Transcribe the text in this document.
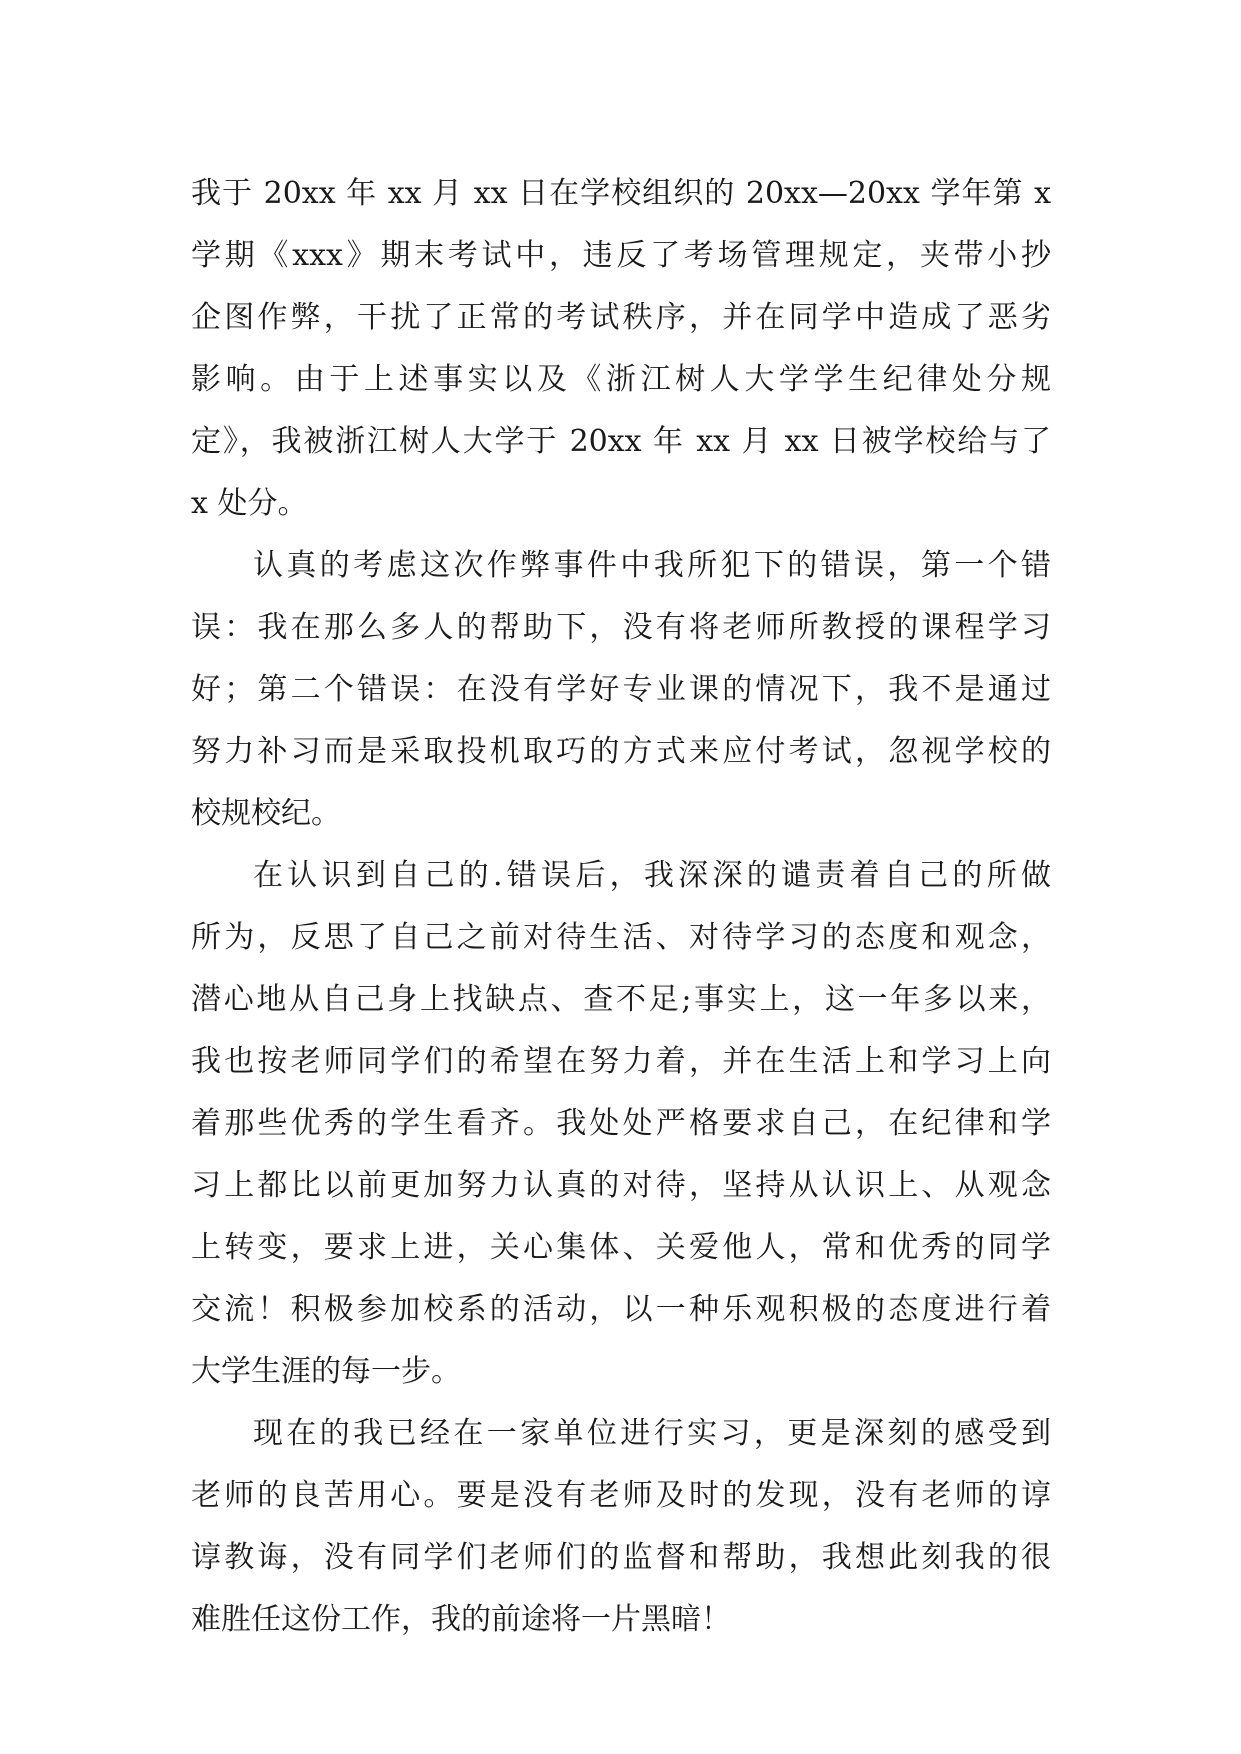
我于 20xx 年 xx 月 xx 日在学校组织的 20xx—20xx 学年第 x
学期《xxx》期末考试中，违反了考场管理规定，夹带小抄
企图作弊，干扰了正常的考试秩序，并在同学中造成了恶劣
影响。由于上述事实以及《浙江树人大学学生纪律处分规
定》，我被浙江树人大学于 20xx 年 xx 月 xx 日被学校给与了
x 处分。
认真的考虑这次作弊事件中我所犯下的错误，第一个错
误：我在那么多人的帮助下，没有将老师所教授的课程学习
好；第二个错误：在没有学好专业课的情况下，我不是通过
努力补习而是采取投机取巧的方式来应付考试，忽视学校的
校规校纪。
在认识到自己的.错误后，我深深的谴责着自己的所做
所为，反思了自己之前对待生活、对待学习的态度和观念，
潜心地从自己身上找缺点、查不足;事实上，这一年多以来，
我也按老师同学们的希望在努力着，并在生活上和学习上向
着那些优秀的学生看齐。我处处严格要求自己，在纪律和学
习上都比以前更加努力认真的对待，坚持从认识上、从观念
上转变，要求上进，关心集体、关爱他人，常和优秀的同学
交流！积极参加校系的活动，以一种乐观积极的态度进行着
大学生涯的每一步。
现在的我已经在一家单位进行实习，更是深刻的感受到
老师的良苦用心。要是没有老师及时的发现，没有老师的谆
谆教诲，没有同学们老师们的监督和帮助，我想此刻我的很
难胜任这份工作，我的前途将一片黑暗！
